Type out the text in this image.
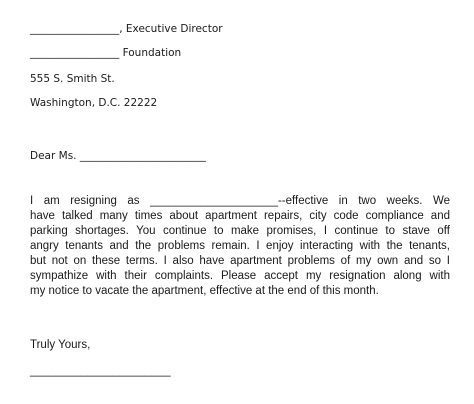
_________________, Executive Director
_________________ Foundation
555 S. Smith St.
Washington, D.C. 22222
Dear Ms. ________________________
I am resigning as ____________________--effective in two weeks. We
have talked many times about apartment repairs, city code compliance and
parking shortages. You continue to make promises, I continue to stave off
angry tenants and the problems remain. I enjoy interacting with the tenants,
but not on these terms. I also have apartment problems of my own and so I
sympathize with their complaints. Please accept my resignation along with
my notice to vacate the apartment, effective at the end of this month.
Truly Yours,
______________________
